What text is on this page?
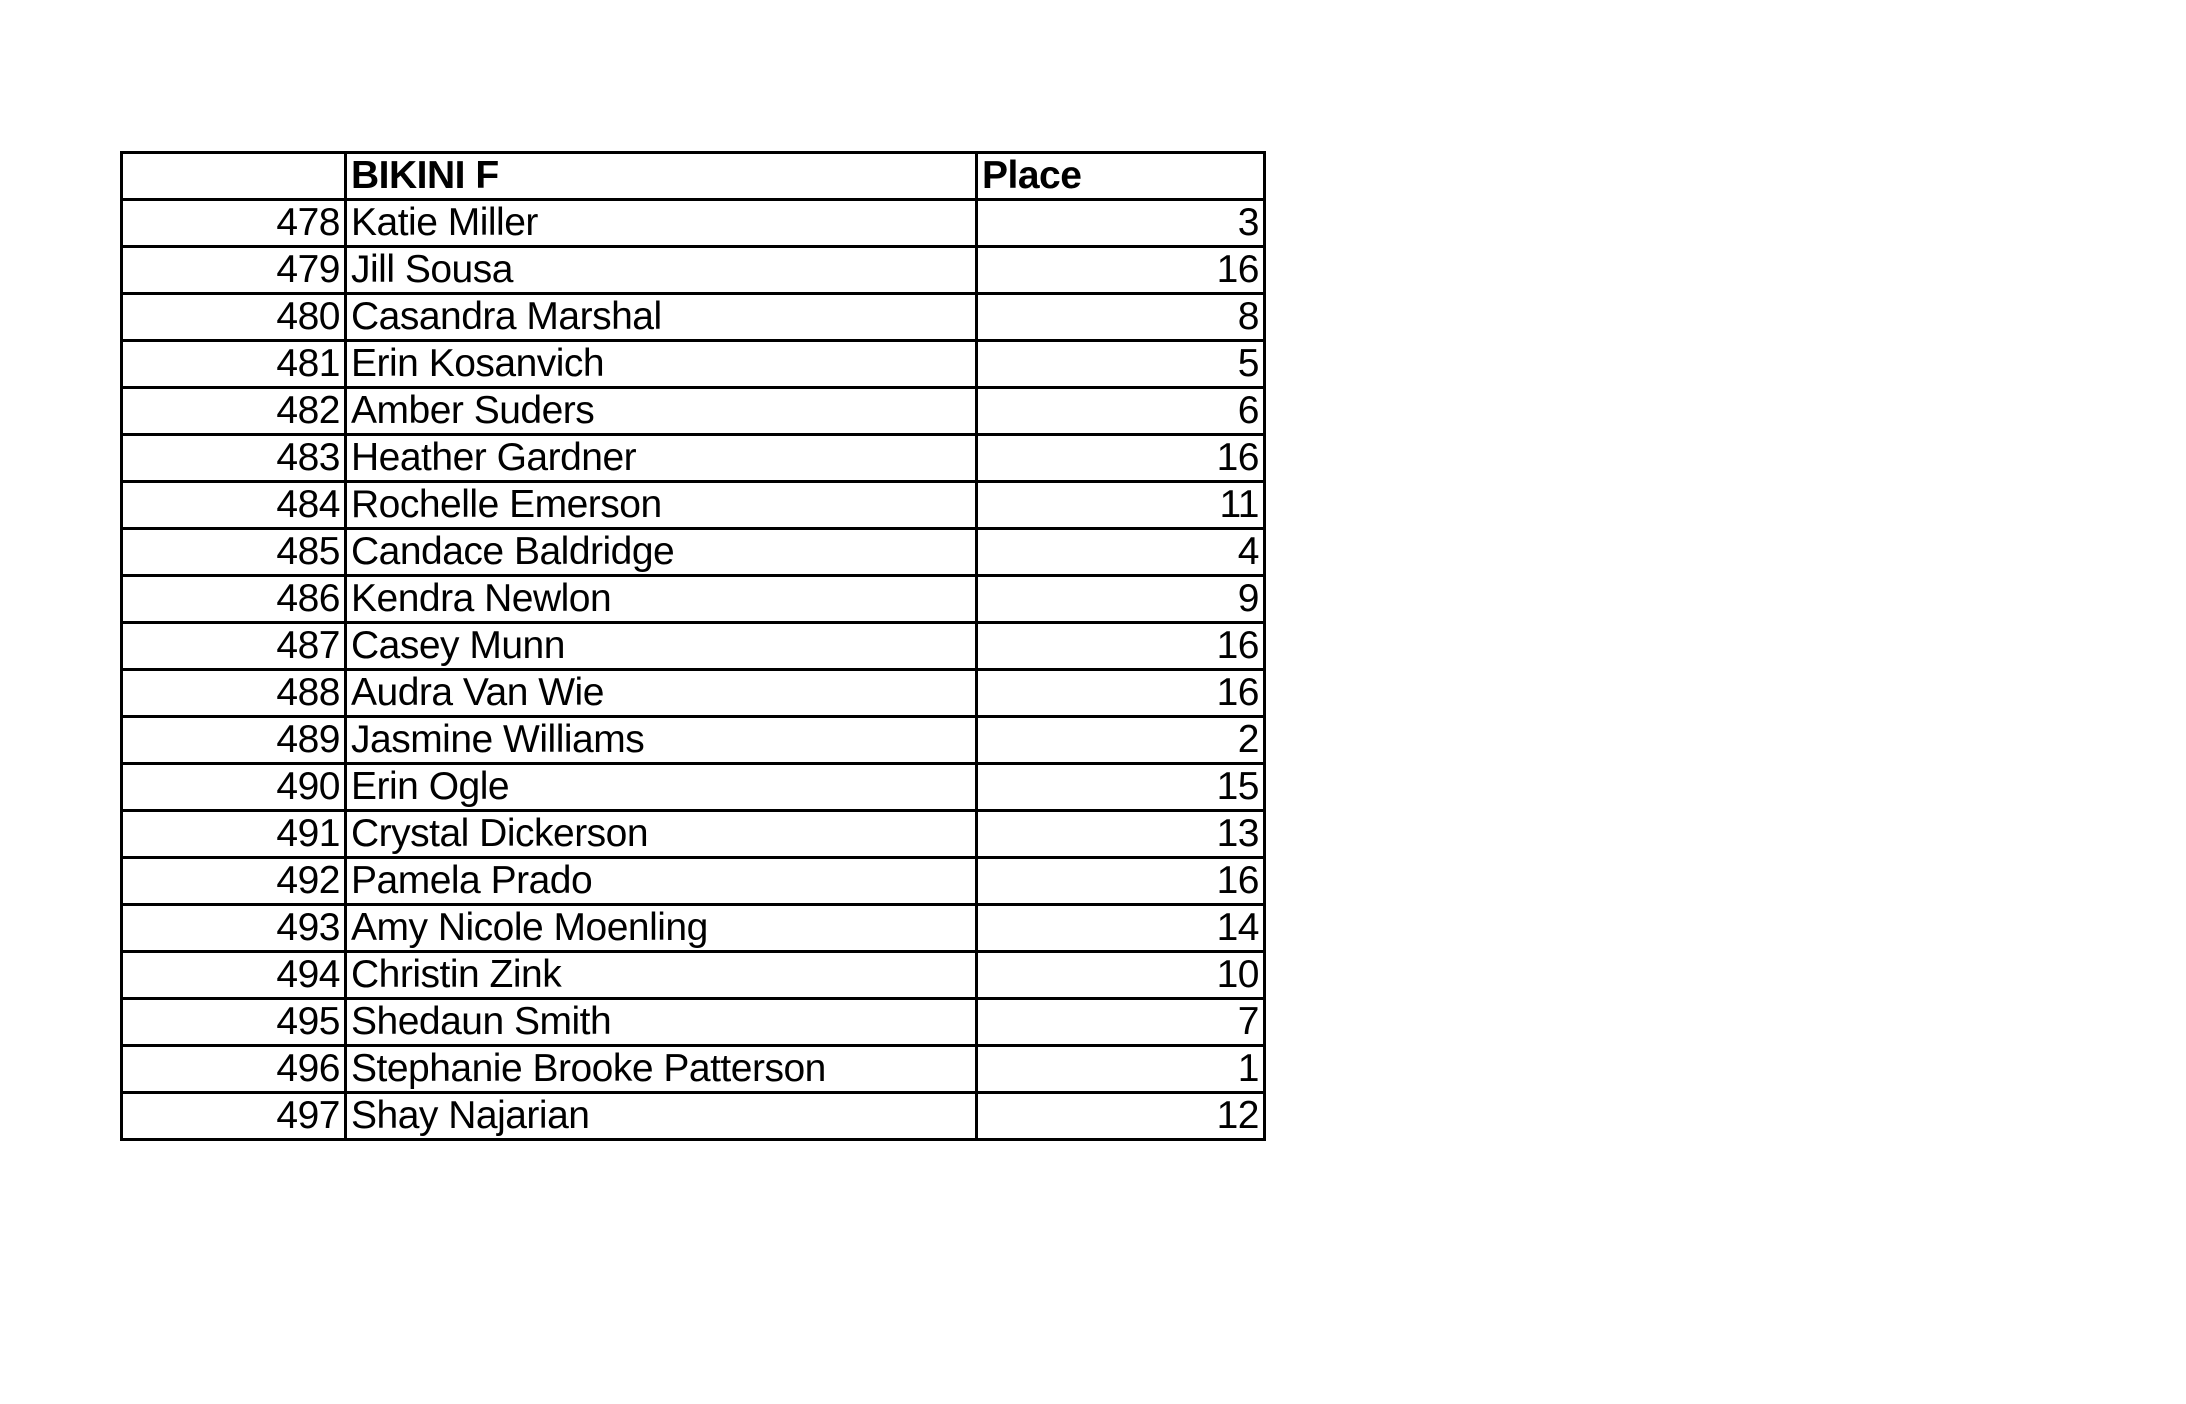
	BIKINI F	Place
478	Katie Miller	3
479	Jill Sousa	16
480	Casandra Marshal	8
481	Erin Kosanvich	5
482	Amber Suders	6
483	Heather Gardner	16
484	Rochelle Emerson	11
485	Candace Baldridge	4
486	Kendra Newlon	9
487	Casey Munn	16
488	Audra Van Wie	16
489	Jasmine Williams	2
490	Erin Ogle	15
491	Crystal Dickerson	13
492	Pamela Prado	16
493	Amy Nicole Moenling	14
494	Christin Zink	10
495	Shedaun Smith	7
496	Stephanie Brooke Patterson	1
497	Shay Najarian	12
